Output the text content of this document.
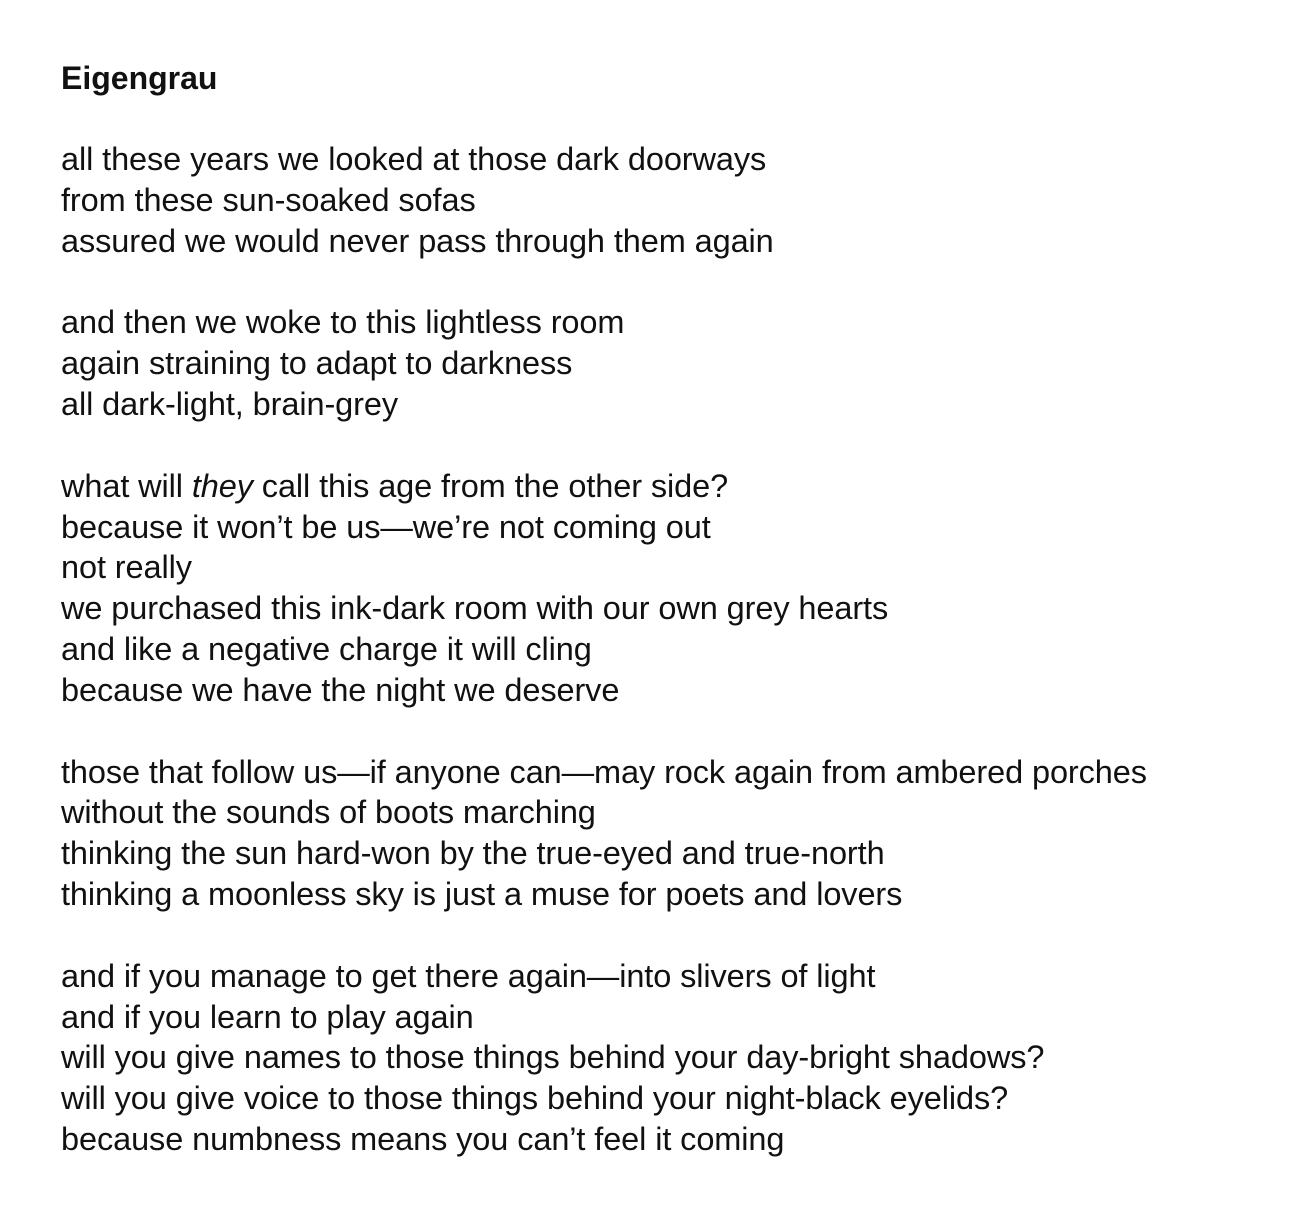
Eigengrau
all these years we looked at those dark doorways
from these sun-soaked sofas
assured we would never pass through them again
and then we woke to this lightless room
again straining to adapt to darkness
all dark-light, brain-grey
what will they call this age from the other side?
because it won’t be us—we’re not coming out
not really
we purchased this ink-dark room with our own grey hearts
and like a negative charge it will cling
because we have the night we deserve
those that follow us—if anyone can—may rock again from ambered porches
without the sounds of boots marching
thinking the sun hard-won by the true-eyed and true-north
thinking a moonless sky is just a muse for poets and lovers
and if you manage to get there again—into slivers of light
and if you learn to play again
will you give names to those things behind your day-bright shadows?
will you give voice to those things behind your night-black eyelids?
because numbness means you can’t feel it coming
